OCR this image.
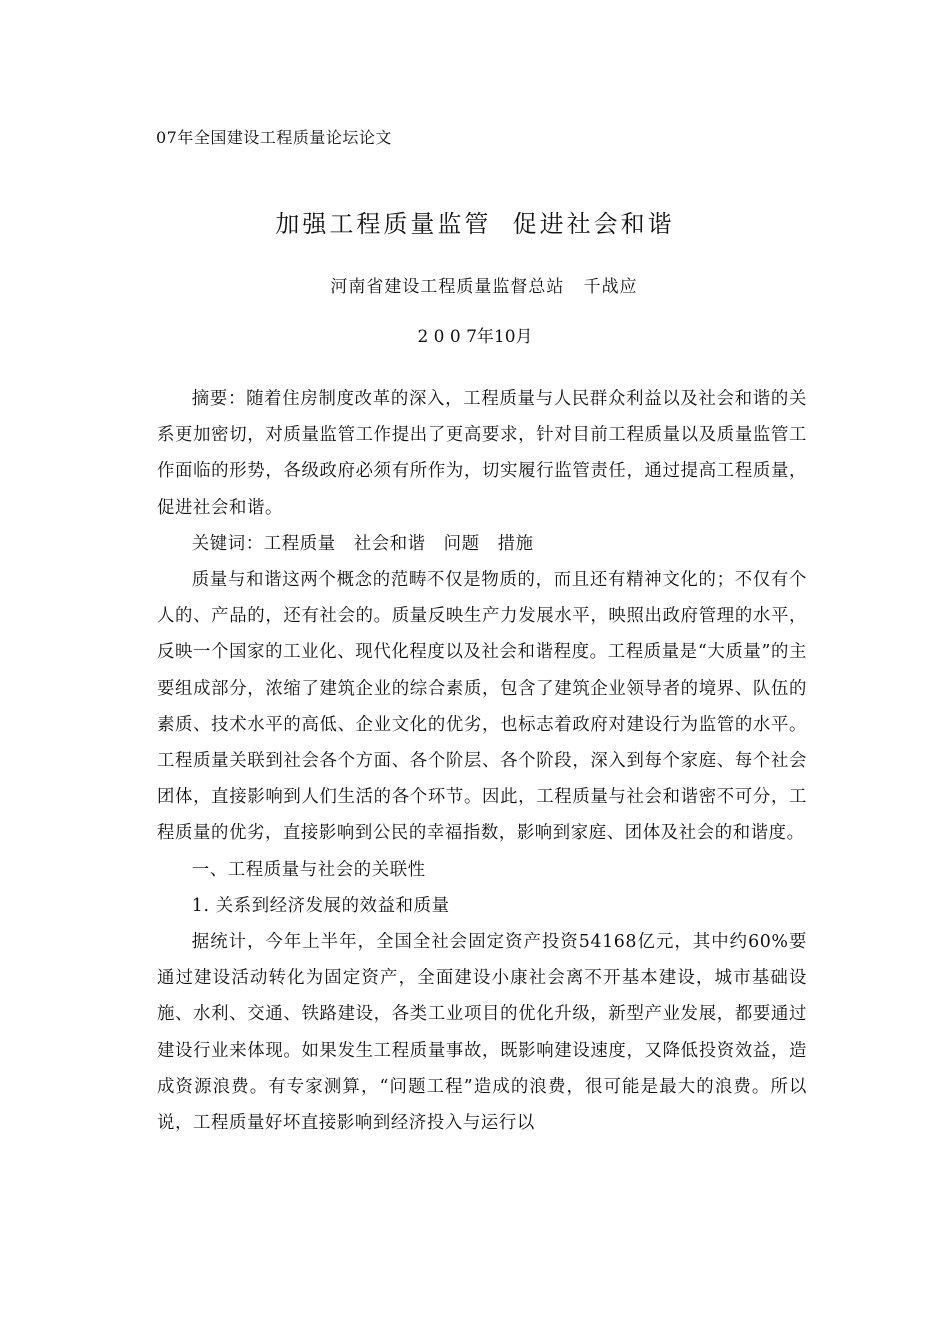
07年全国建设工程质量论坛论文
加强工程质量监管  促进社会和谐
河南省建设工程质量监督总站   千战应
2 0 0 7年10月

摘要：随着住房制度改革的深入，工程质量与人民群众利益以及社会和谐的关系更加密切，对质量监管工作提出了更高要求，针对目前工程质量以及质量监管工作面临的形势，各级政府必须有所作为，切实履行监管责任，通过提高工程质量，促进社会和谐。

关键词：工程质量　社会和谐　问题　措施

质量与和谐这两个概念的范畴不仅是物质的，而且还有精神文化的；不仅有个人的、产品的，还有社会的。质量反映生产力发展水平，映照出政府管理的水平，反映一个国家的工业化、现代化程度以及社会和谐程度。工程质量是“大质量”的主要组成部分，浓缩了建筑企业的综合素质，包含了建筑企业领导者的境界、队伍的素质、技术水平的高低、企业文化的优劣，也标志着政府对建设行为监管的水平。工程质量关联到社会各个方面、各个阶层、各个阶段，深入到每个家庭、每个社会团体，直接影响到人们生活的各个环节。因此，工程质量与社会和谐密不可分，工程质量的优劣，直接影响到公民的幸福指数，影响到家庭、团体及社会的和谐度。

一、工程质量与社会的关联性

1. 关系到经济发展的效益和质量

据统计，今年上半年，全国全社会固定资产投资54168亿元，其中约60%要通过建设活动转化为固定资产，全面建设小康社会离不开基本建设，城市基础设施、水利、交通、铁路建设，各类工业项目的优化升级，新型产业发展，都要通过建设行业来体现。如果发生工程质量事故，既影响建设速度，又降低投资效益，造成资源浪费。有专家测算，“问题工程”造成的浪费，很可能是最大的浪费。所以说，工程质量好坏直接影响到经济投入与运行以
